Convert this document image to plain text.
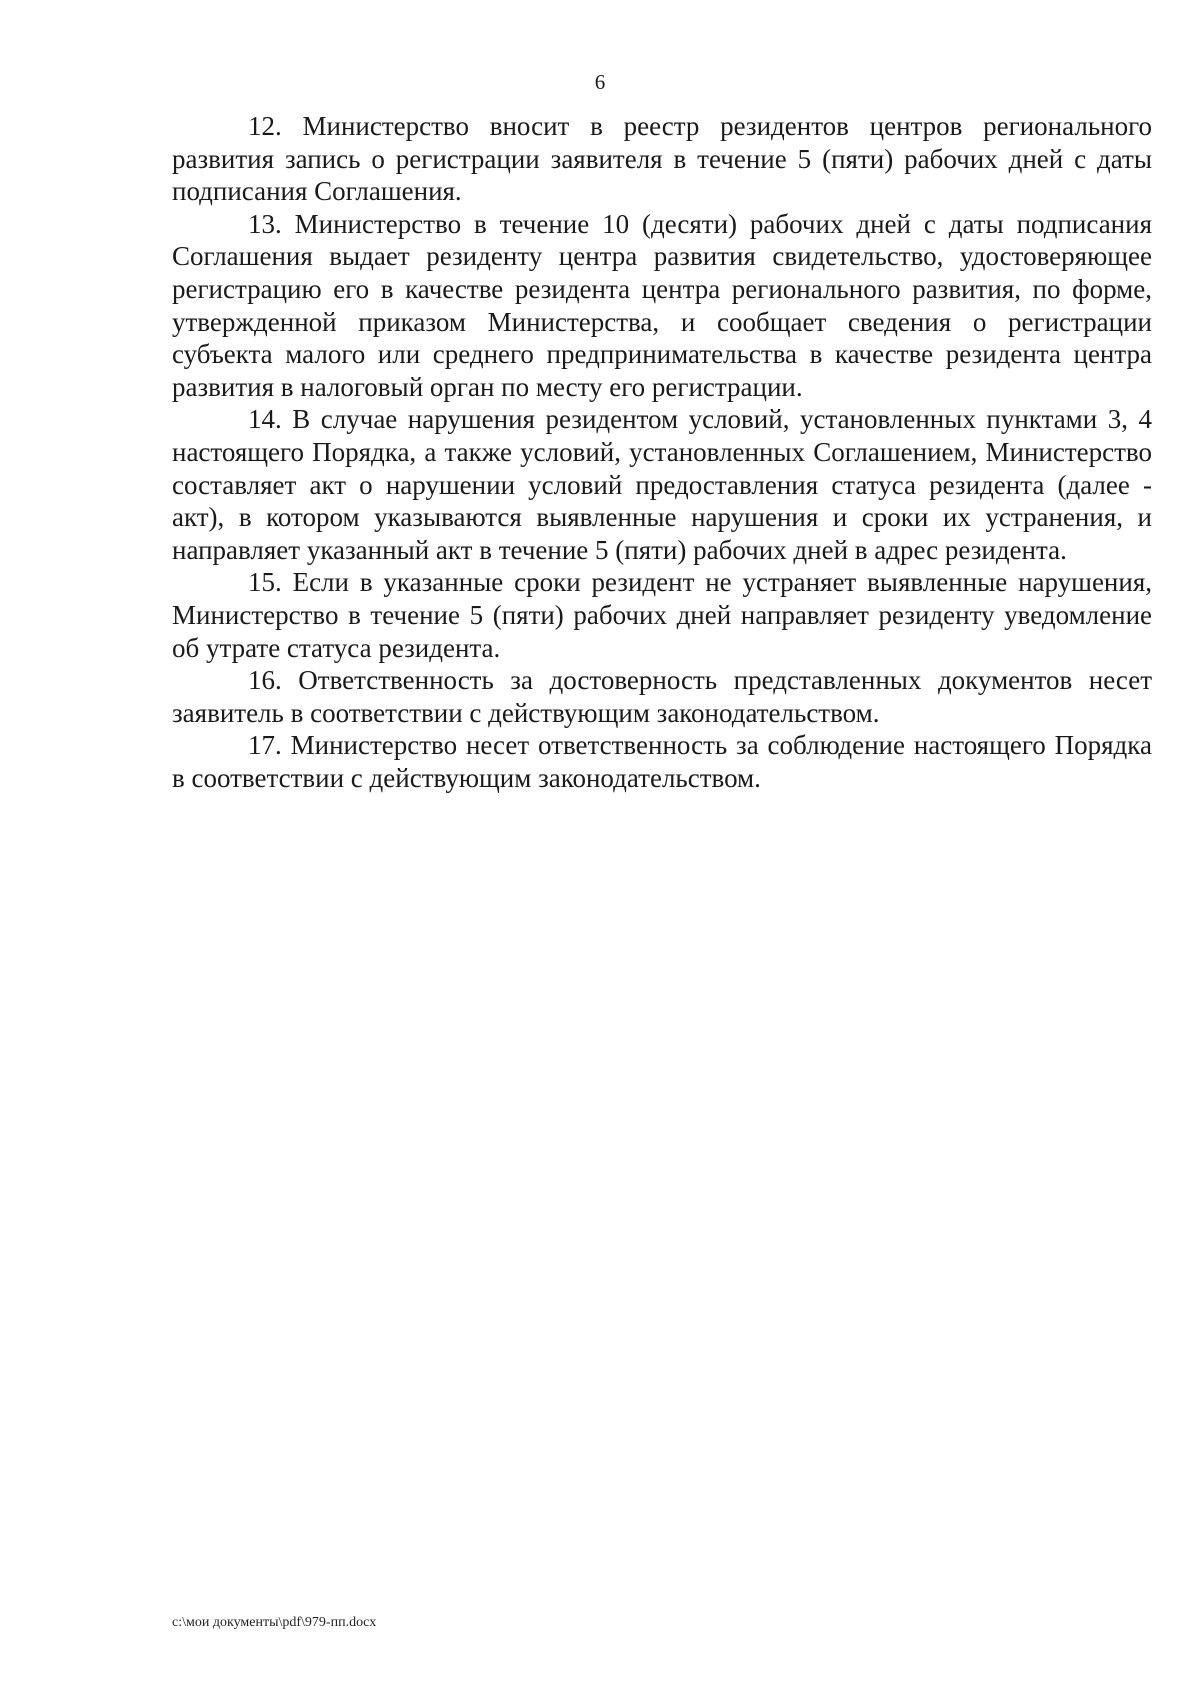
6

12. Министерство вносит в реестр резидентов центров регионального развития запись о регистрации заявителя в течение 5 (пяти) рабочих дней с даты подписания Соглашения.

13. Министерство в течение 10 (десяти) рабочих дней с даты подписания Соглашения выдает резиденту центра развития свидетельство, удостоверяющее регистрацию его в качестве резидента центра регионального развития, по форме, утвержденной приказом Министерства, и сообщает сведения о регистрации субъекта малого или среднего предпринимательства в качестве резидента центра развития в налоговый орган по месту его регистрации.

14. В случае нарушения резидентом условий, установленных пунктами 3, 4 настоящего Порядка, а также условий, установленных Соглашением, Министерство составляет акт о нарушении условий предоставления статуса резидента (далее - акт), в котором указываются выявленные нарушения и сроки их устранения, и направляет указанный акт в течение 5 (пяти) рабочих дней в адрес резидента.

15. Если в указанные сроки резидент не устраняет выявленные нарушения, Министерство в течение 5 (пяти) рабочих дней направляет резиденту уведомление об утрате статуса резидента.

16. Ответственность за достоверность представленных документов несет заявитель в соответствии с действующим законодательством.

17. Министерство несет ответственность за соблюдение настоящего Порядка в соответствии с действующим законодательством.

c:\мои документы\pdf\979-пп.docx
